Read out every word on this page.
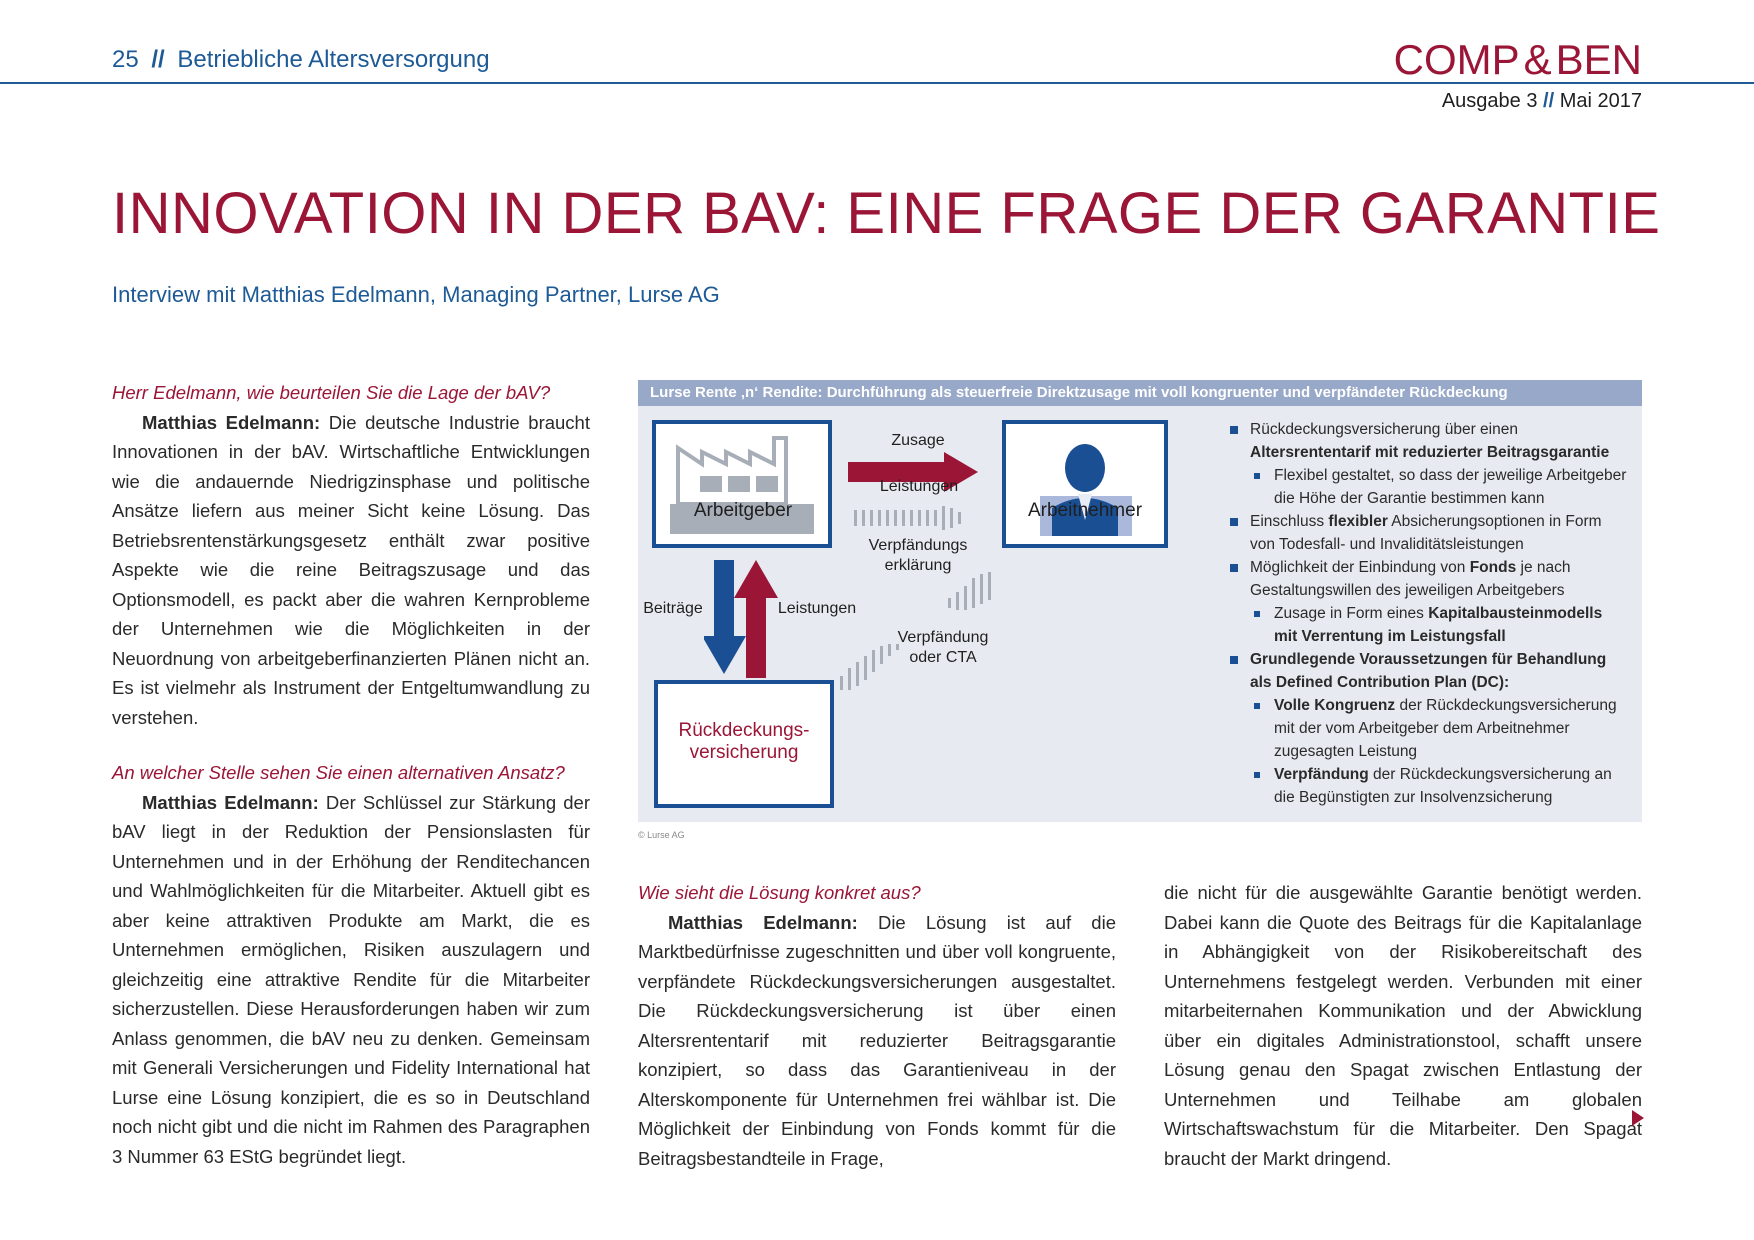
25 // Betriebliche Altersversorgung	COMP&BEN
Ausgabe 3 // Mai 2017
INNOVATION IN DER BAV: EINE FRAGE DER GARANTIE
Interview mit Matthias Edelmann, Managing Partner, Lurse AG
Herr Edelmann, wie beurteilen Sie die Lage der bAV?
Matthias Edelmann: Die deutsche Industrie braucht Innovationen in der bAV. Wirtschaftliche Entwicklungen wie die andauernde Niedrigzinsphase und politische Ansätze liefern aus meiner Sicht keine Lösung. Das Betriebsrentenstärkungsgesetz enthält zwar positive Aspekte wie die reine Beitragszusage und das Optionsmodell, es packt aber die wahren Kernprobleme der Unternehmen wie die Möglichkeiten in der Neuordnung von arbeitgeberfinanzierten Plänen nicht an. Es ist vielmehr als Instrument der Entgeltumwandlung zu verstehen.
An welcher Stelle sehen Sie einen alternativen Ansatz?
Matthias Edelmann: Der Schlüssel zur Stärkung der bAV liegt in der Reduktion der Pensionslasten für Unternehmen und in der Erhöhung der Renditechancen und Wahlmöglichkeiten für die Mitarbeiter. Aktuell gibt es aber keine attraktiven Produkte am Markt, die es Unternehmen ermöglichen, Risiken auszulagern und gleichzeitig eine attraktive Rendite für die Mitarbeiter sicherzustellen. Diese Herausforderungen haben wir zum Anlass genommen, die bAV neu zu denken. Gemeinsam mit Generali Versicherungen und Fidelity International hat Lurse eine Lösung konzipiert, die es so in Deutschland noch nicht gibt und die nicht im Rahmen des Paragraphen 3 Nummer 63 EStG begründet liegt.
Lurse Rente ‚n‘ Rendite: Durchführung als steuerfreie Direktzusage mit voll kongruenter und verpfändeter Rückdeckung
Arbeitgeber	Arbeitnehmer
Rückdeckungs-
versicherung
Zusage
Leistungen
Verpfändungs
erklärung
Beiträge	Leistungen
Verpfändung
oder CTA
Rückdeckungsversicherung über einen Altersrententarif mit reduzierter Beitragsgarantie
Flexibel gestaltet, so dass der jeweilige Arbeitgeber die Höhe der Garantie bestimmen kann
Einschluss flexibler Absicherungsoptionen in Form von Todesfall- und Invaliditätsleistungen
Möglichkeit der Einbindung von Fonds je nach Gestaltungswillen des jeweiligen Arbeitgebers
Zusage in Form eines Kapitalbausteinmodells mit Verrentung im Leistungsfall
Grundlegende Voraussetzungen für Behandlung als Defined Contribution Plan (DC):
Volle Kongruenz der Rückdeckungsversicherung mit der vom Arbeitgeber dem Arbeitnehmer zugesagten Leistung
Verpfändung der Rückdeckungsversicherung an die Begünstigten zur Insolvenzsicherung
© Lurse AG
Wie sieht die Lösung konkret aus?
Matthias Edelmann: Die Lösung ist auf die Marktbedürfnisse zugeschnitten und über voll kongruente, verpfändete Rückdeckungsversicherungen ausgestaltet. Die Rückdeckungsversicherung ist über einen Altersrententarif mit reduzierter Beitragsgarantie konzipiert, so dass das Garantieniveau in der Alterskomponente für Unternehmen frei wählbar ist. Die Möglichkeit der Einbindung von Fonds kommt für die Beitragsbestandteile in Frage,
die nicht für die ausgewählte Garantie benötigt werden. Dabei kann die Quote des Beitrags für die Kapitalanlage in Abhängigkeit von der Risikobereitschaft des Unternehmens festgelegt werden. Verbunden mit einer mitarbeiternahen Kommunikation und der Abwicklung über ein digitales Administrationstool, schafft unsere Lösung genau den Spagat zwischen Entlastung der Unternehmen und Teilhabe am globalen Wirtschaftswachstum für die Mitarbeiter. Den Spagat braucht der Markt dringend.
